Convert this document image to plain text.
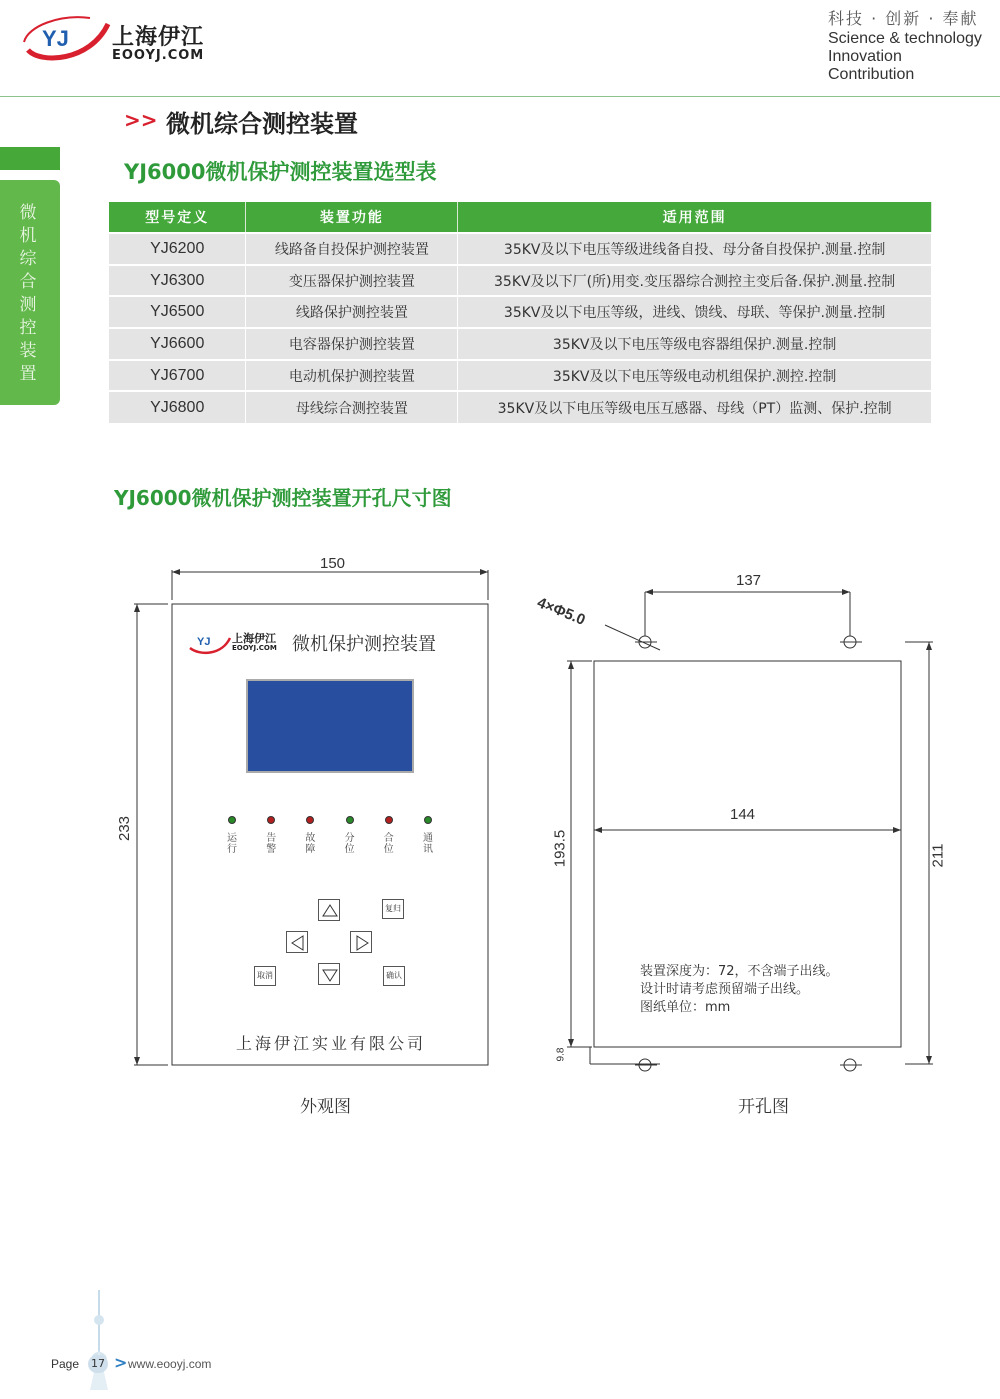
YJ 上海伊江
EOOYJ.COM
科技 · 创新 · 奉献
Science & technology
Innovation
Contribution
微机综合测控装置
>> 微机综合测控装置
YJ6000微机保护测控装置选型表
型号定义	装置功能	适用范围
YJ6200	线路备自投保护测控装置	35KV及以下电压等级进线备自投、母分备自投保护.测量.控制
YJ6300	变压器保护测控装置	35KV及以下厂(所)用变.变压器综合测控主变后备.保护.测量.控制
YJ6500	线路保护测控装置	35KV及以下电压等级，进线、馈线、母联、等保护.测量.控制
YJ6600	电容器保护测控装置	35KV及以下电压等级电容器组保护.测量.控制
YJ6700	电动机保护测控装置	35KV及以下电压等级电动机组保护.测控.控制
YJ6800	母线综合测控装置	35KV及以下电压等级电压互感器、母线（PT）监测、保护.控制
YJ6000微机保护测控装置开孔尺寸图
YJ
150
233
137
144
193.5	211
9.8
4×Φ5.0
上海伊江
EOOYJ.COM 微机保护测控装置
运行
告警
故障
分位
合位
通讯
复归
取消	确认
上海伊江实业有限公司
装置深度为：72，不含端子出线。
设计时请考虑预留端子出线。
图纸单位：mm
外观图	开孔图
Page 17 > www.eooyj.com
